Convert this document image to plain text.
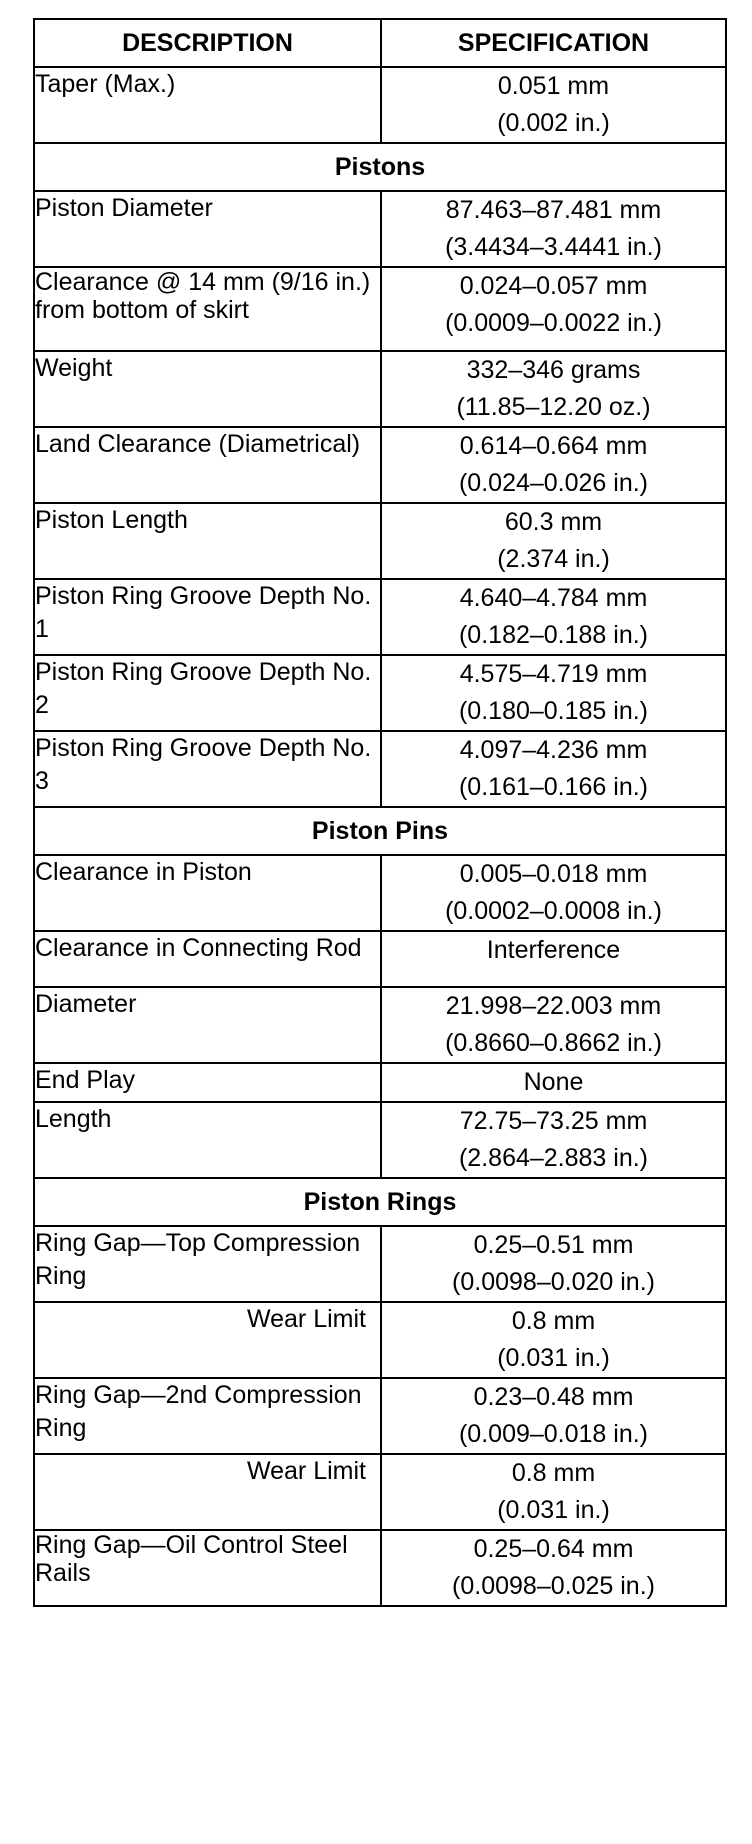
DESCRIPTION	SPECIFICATION
Taper (Max.)	0.051 mm
(0.002 in.)

Pistons	
Piston Diameter	87.463–87.481 mm
(3.4434–3.4441 in.)

Clearance @ 14 mm (9/16 in.) from bottom of skirt	0.024–0.057 mm
(0.0009–0.0022 in.)

Weight	332–346 grams
(11.85–12.20 oz.)

Land Clearance (Diametrical)	0.614–0.664 mm
(0.024–0.026 in.)

Piston Length	60.3 mm
(2.374 in.)

Piston Ring Groove Depth No. 1	4.640–4.784 mm
(0.182–0.188 in.)

Piston Ring Groove Depth No. 2	4.575–4.719 mm
(0.180–0.185 in.)

Piston Ring Groove Depth No. 3	4.097–4.236 mm
(0.161–0.166 in.)

Piston Pins	
Clearance in Piston	0.005–0.018 mm
(0.0002–0.0008 in.)

Clearance in Connecting Rod	Interference

Diameter	21.998–22.003 mm
(0.8660–0.8662 in.)

End Play	None

Length	72.75–73.25 mm
(2.864–2.883 in.)

Piston Rings	
Ring Gap—Top Compression Ring	0.25–0.51 mm
(0.0098–0.020 in.)

Wear Limit	0.8 mm
(0.031 in.)

Ring Gap—2nd Compression Ring	0.23–0.48 mm
(0.009–0.018 in.)

Wear Limit	0.8 mm
(0.031 in.)

Ring Gap—Oil Control Steel Rails	0.25–0.64 mm
(0.0098–0.025 in.)
